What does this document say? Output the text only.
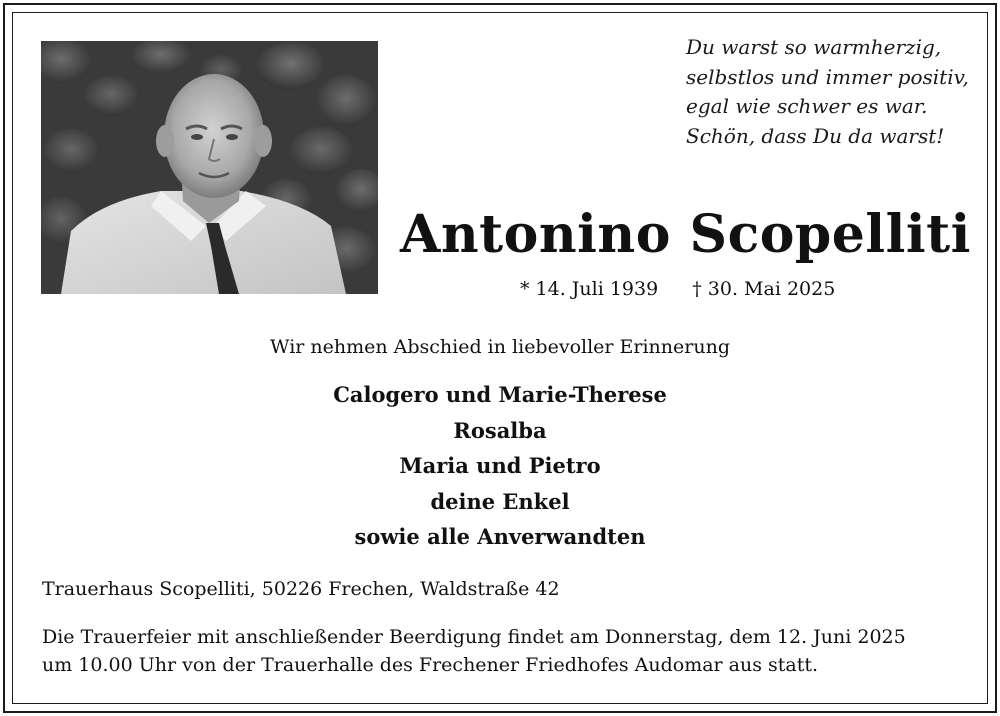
Du warst so warmherzig,
selbstlos und immer positiv,
egal wie schwer es war.
Schön, dass Du da warst!
Antonino Scopelliti
* 14. Juli 1939 † 30. Mai 2025
Wir nehmen Abschied in liebevoller Erinnerung
Calogero und Marie-Therese
Rosalba
Maria und Pietro
deine Enkel
sowie alle Anverwandten
Trauerhaus Scopelliti, 50226 Frechen, Waldstraße 42
Die Trauerfeier mit anschließender Beerdigung findet am Donnerstag, dem 12. Juni 2025
um 10.00 Uhr von der Trauerhalle des Frechener Friedhofes Audomar aus statt.
